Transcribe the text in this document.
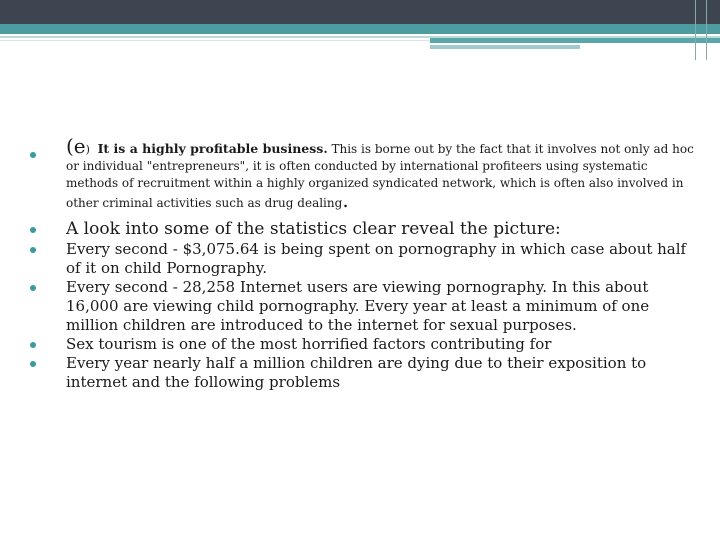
(e) It is a highly profitable business. This is borne out by the fact that it involves not only ad hoc or individual "entrepreneurs", it is often conducted by international profiteers using systematic methods of recruitment within a highly organized syndicated network, which is often also involved in other criminal activities such as drug dealing.
A look into some of the statistics clear reveal the picture:
Every second - $3,075.64 is being spent on pornography in which case about half of it on child Pornography.
Every second - 28,258 Internet users are viewing pornography. In this about 16,000 are viewing child pornography. Every year at least a minimum of one million children are introduced to the internet for sexual purposes.
Sex tourism is one of the most horrified factors contributing for
Every year nearly half a million children are dying due to their exposition to internet and the following problems
